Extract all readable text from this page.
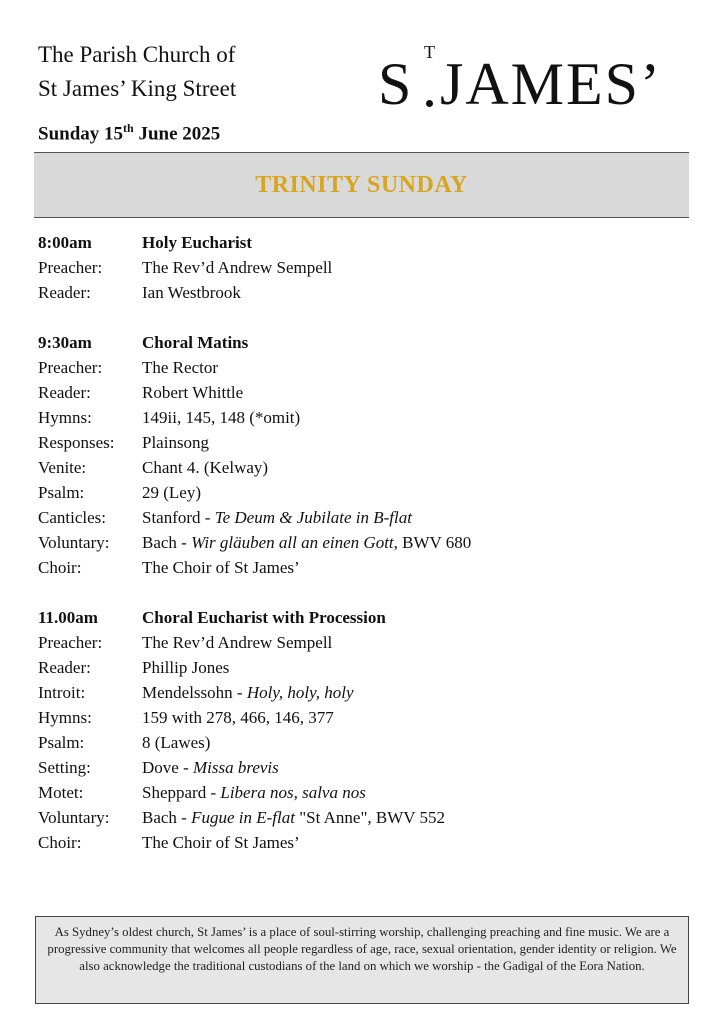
The Parish Church of
St James’ King Street S T JAMES’
Sunday 15th June 2025
TRINITY SUNDAY
8:00am	Holy Eucharist
Preacher:	The Rev’d Andrew Sempell
Reader:	Ian Westbrook
9:30am	Choral Matins
Preacher:	The Rector
Reader:	Robert Whittle
Hymns:	149ii, 145, 148 (*omit)
Responses:	Plainsong
Venite:	Chant 4. (Kelway)
Psalm:	29 (Ley)
Canticles:	Stanford - Te Deum & Jubilate in B-flat
Voluntary:	Bach - Wir gläuben all an einen Gott, BWV 680
Choir:	The Choir of St James’
11.00am	Choral Eucharist with Procession
Preacher:	The Rev’d Andrew Sempell
Reader:	Phillip Jones
Introit:	Mendelssohn - Holy, holy, holy
Hymns:	159 with 278, 466, 146, 377
Psalm:	8 (Lawes)
Setting:	Dove - Missa brevis
Motet:	Sheppard - Libera nos, salva nos
Voluntary:	Bach - Fugue in E-flat "St Anne", BWV 552
Choir:	The Choir of St James’
As Sydney’s oldest church, St James’ is a place of soul-stirring worship, challenging preaching and fine music. We are a progressive community that welcomes all people regardless of age, race, sexual orientation, gender identity or religion. We also acknowledge the traditional custodians of the land on which we worship - the Gadigal of the Eora Nation.
